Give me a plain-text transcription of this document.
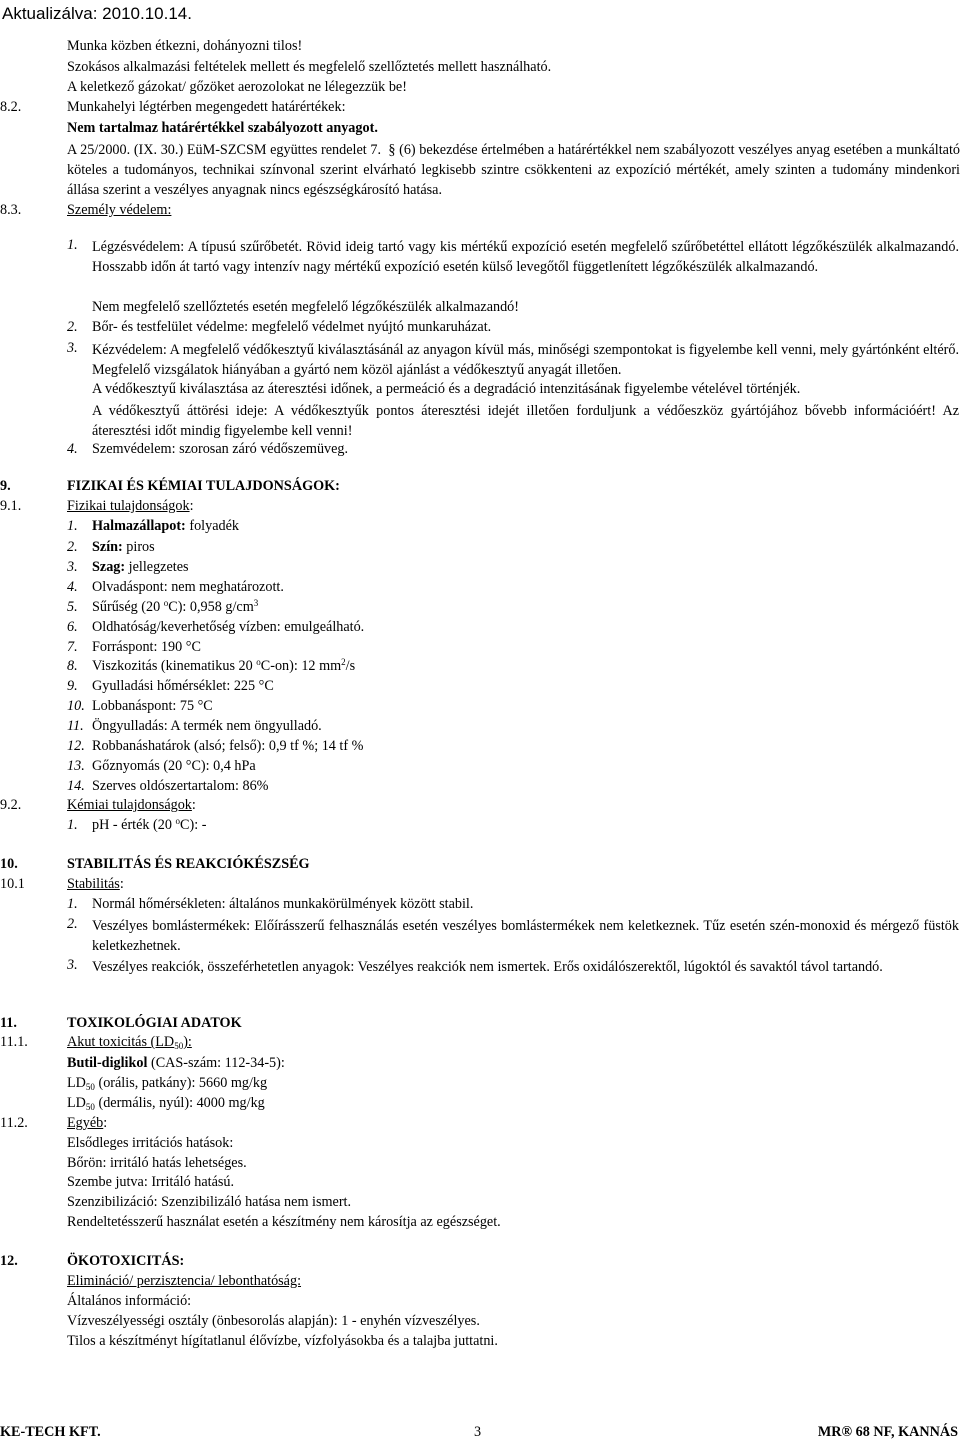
Aktualizálva: 2010.10.14.
Munka közben étkezni, dohányozni tilos!
Szokásos alkalmazási feltételek mellett és megfelelő szellőztetés mellett használható.
A keletkező gázokat/ gőzöket aerozolokat ne lélegezzük be!
8.2.	Munkahelyi légtérben megengedett határértékek:
Nem tartalmaz határértékkel szabályozott anyagot.
A 25/2000. (IX. 30.) EüM-SZCSM együttes rendelet 7. § (6) bekezdése értelmében a határértékkel nem szabályozott veszélyes anyag esetében a munkáltató köteles a tudományos, technikai színvonal szerint elvárható legkisebb szintre csökkenteni az expozíció mértékét, amely szinten a tudomány mindenkori állása szerint a veszélyes anyagnak nincs egészségkárosító hatása.
8.3.	Személy védelem:
1. Légzésvédelem: A típusú szűrőbetét. Rövid ideig tartó vagy kis mértékű expozíció esetén megfelelő szűrőbetéttel ellátott légzőkészülék alkalmazandó. Hosszabb időn át tartó vagy intenzív nagy mértékű expozíció esetén külső levegőtől függetlenített légzőkészülék alkalmazandó.
Nem megfelelő szellőztetés esetén megfelelő légzőkészülék alkalmazandó!
2. Bőr- és testfelület védelme: megfelelő védelmet nyújtó munkaruházat.
3. Kézvédelem: A megfelelő védőkesztyű kiválasztásánál az anyagon kívül más, minőségi szempontokat is figyelembe kell venni, mely gyártónként eltérő. Megfelelő vizsgálatok hiányában a gyártó nem közöl ajánlást a védőkesztyű anyagát illetően.
A védőkesztyű kiválasztása az áteresztési időnek, a permeáció és a degradáció intenzitásának figyelembe vételével történjék.
A védőkesztyű áttörési ideje: A védőkesztyűk pontos áteresztési idejét illetően forduljunk a védőeszköz gyártójához bővebb információért! Az áteresztési időt mindig figyelembe kell venni!
4. Szemvédelem: szorosan záró védőszemüveg.
9.	FIZIKAI ÉS KÉMIAI TULAJDONSÁGOK:
9.1.	Fizikai tulajdonságok:
1. Halmazállapot: folyadék
2. Szín: piros
3. Szag: jellegzetes
4. Olvadáspont: nem meghatározott.
5. Sűrűség (20 $^o$C): 0,958 $g/cm^3$
6. Oldhatóság/keverhetőség vízben: emulgeálható.
7. Forráspont: 190 °C
8. Viszkozitás (kinematikus 20 $^o$C-on): 12 $mm^2/s$
9. Gyulladási hőmérséklet: 225 °C
10. Lobbanáspont: 75 °C
11. Öngyulladás: A termék nem öngyulladó.
12. Robbanáshatárok (alsó; felső): 0,9 tf %; 14 tf %
13. Gőznyomás (20 °C): 0,4 hPa
14. Szerves oldószertartalom: 86%
9.2.	Kémiai tulajdonságok:
1. pH - érték (20 $^o$C): -
10.	STABILITÁS ÉS REAKCIÓKÉSZSÉG
10.1	Stabilitás:
1. Normál hőmérsékleten: általános munkakörülmények között stabil.
2. Veszélyes bomlástermékek: Előírásszerű felhasználás esetén veszélyes bomlástermékek nem keletkeznek. Tűz esetén szén-monoxid és mérgező füstök keletkezhetnek.
3. Veszélyes reakciók, összeférhetetlen anyagok: Veszélyes reakciók nem ismertek. Erős oxidálószerektől, lúgoktól és savaktól távol tartandó.
11.	TOXIKOLÓGIAI ADATOK
11.1.	Akut toxicitás $(LD_{50})$:
Butil-diglikol (CAS-szám: 112-34-5):
$LD_{50}$ (orális, patkány): 5660 mg/kg
$LD_{50}$ (dermális, nyúl): 4000 mg/kg
11.2.	Egyéb:
Elsődleges irritációs hatások:
Bőrön: irritáló hatás lehetséges.
Szembe jutva: Irritáló hatású.
Szenzibilizáció: Szenzibilizáló hatása nem ismert.
Rendeltetésszerű használat esetén a készítmény nem károsítja az egészséget.
12.	ÖKOTOXICITÁS:
Elimináció/ perzisztencia/ lebonthatóság:
Általános információ:
Vízveszélyességi osztály (önbesorolás alapján): 1 - enyhén vízveszélyes.
Tilos a készítményt hígítatlanul élővízbe, vízfolyásokba és a talajba juttatni.
KE-TECH KFT.	3	MR® 68 NF, KANNÁS
